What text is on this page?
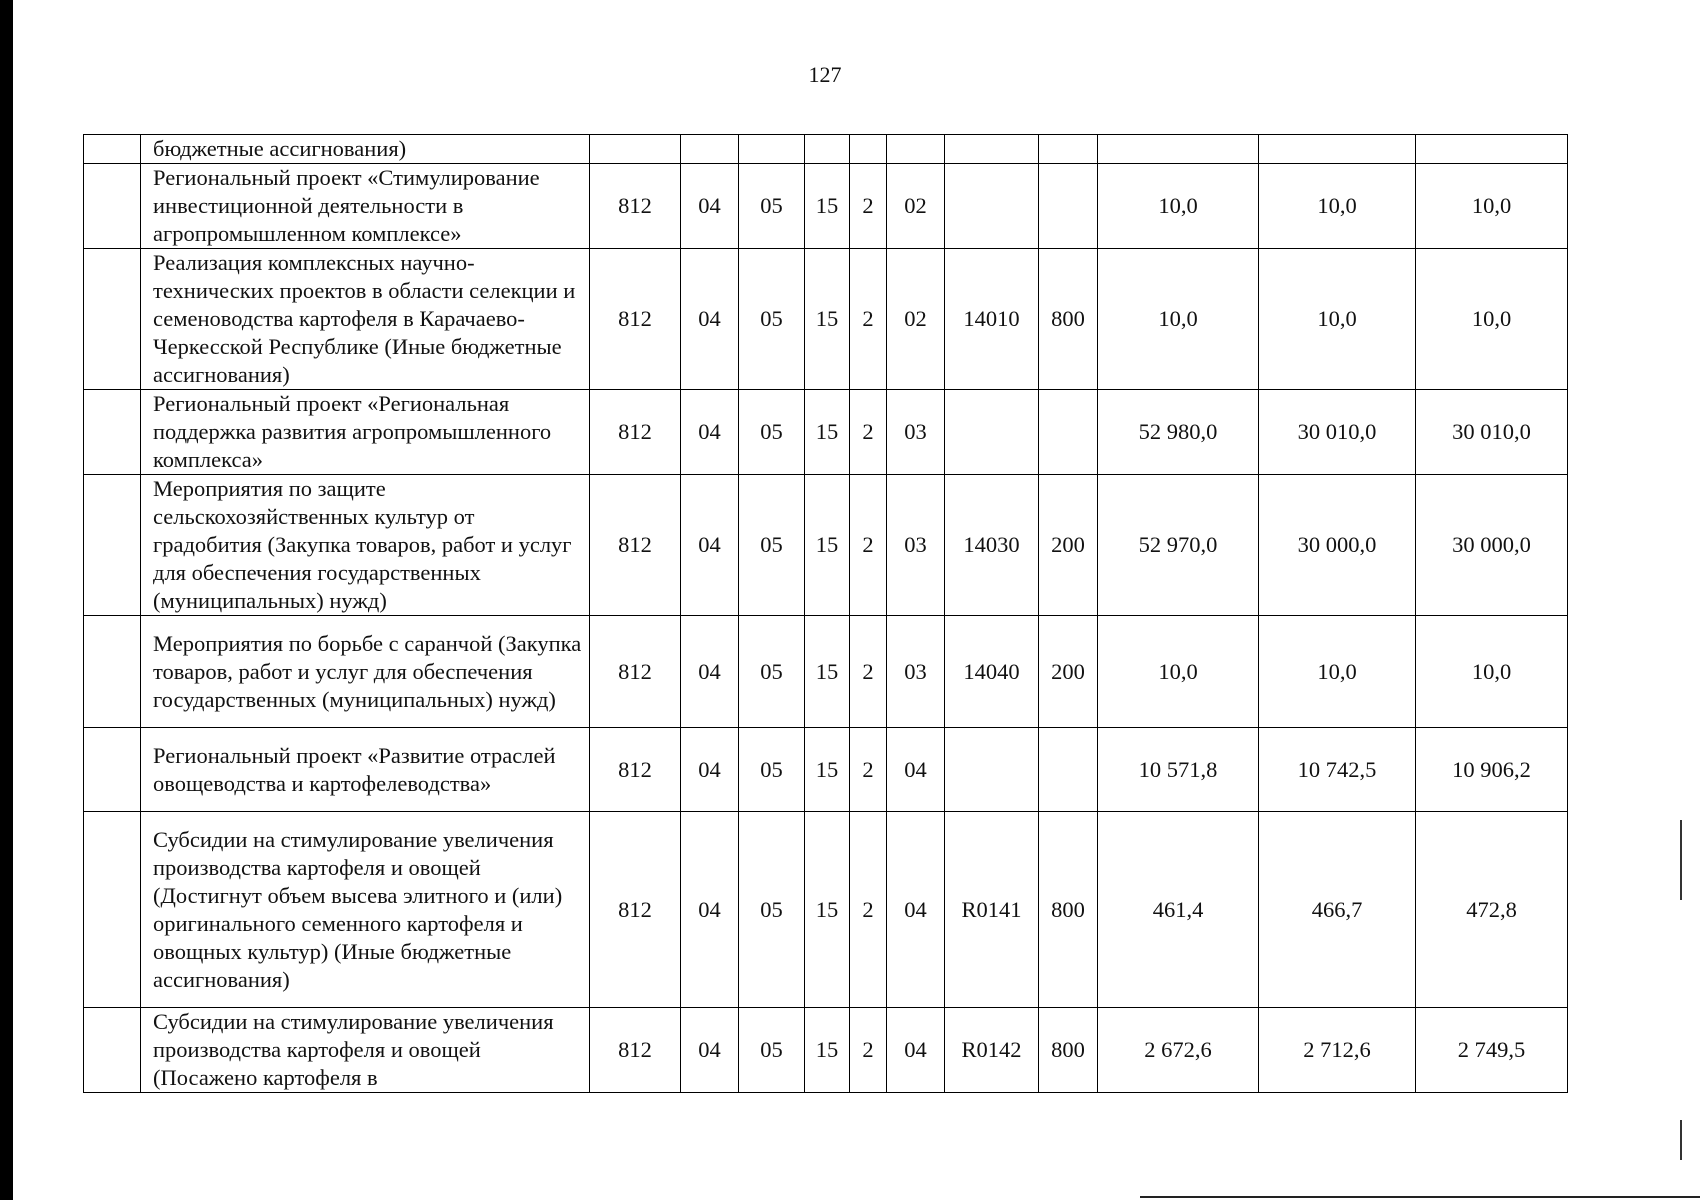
127
	бюджетные ассигнования)											
	Региональный проект «Стимулирование инвестиционной деятельности в агропромышленном комплексе»	812	04	05	15	2	02			10,0	10,0	10,0
	Реализация комплексных научно-технических проектов в области селекции и семеноводства картофеля в Карачаево-Черкесской Республике (Иные бюджетные ассигнования)	812	04	05	15	2	02	14010	800	10,0	10,0	10,0
	Региональный проект «Региональная поддержка развития агропромышленного комплекса»	812	04	05	15	2	03			52 980,0	30 010,0	30 010,0
	Мероприятия по защите сельскохозяйственных культур от градобития (Закупка товаров, работ и услуг для обеспечения государственных (муниципальных) нужд)	812	04	05	15	2	03	14030	200	52 970,0	30 000,0	30 000,0
	Мероприятия по борьбе с саранчой (Закупка товаров, работ и услуг для обеспечения государственных (муниципальных) нужд)	812	04	05	15	2	03	14040	200	10,0	10,0	10,0
	Региональный проект «Развитие отраслей овощеводства и картофелеводства»	812	04	05	15	2	04			10 571,8	10 742,5	10 906,2
	Субсидии на стимулирование увеличения производства картофеля и овощей (Достигнут объем высева элитного и (или) оригинального семенного картофеля и овощных культур) (Иные бюджетные ассигнования)	812	04	05	15	2	04	R0141	800	461,4	466,7	472,8
	Субсидии на стимулирование увеличения производства картофеля и овощей (Посажено картофеля в	812	04	05	15	2	04	R0142	800	2 672,6	2 712,6	2 749,5
